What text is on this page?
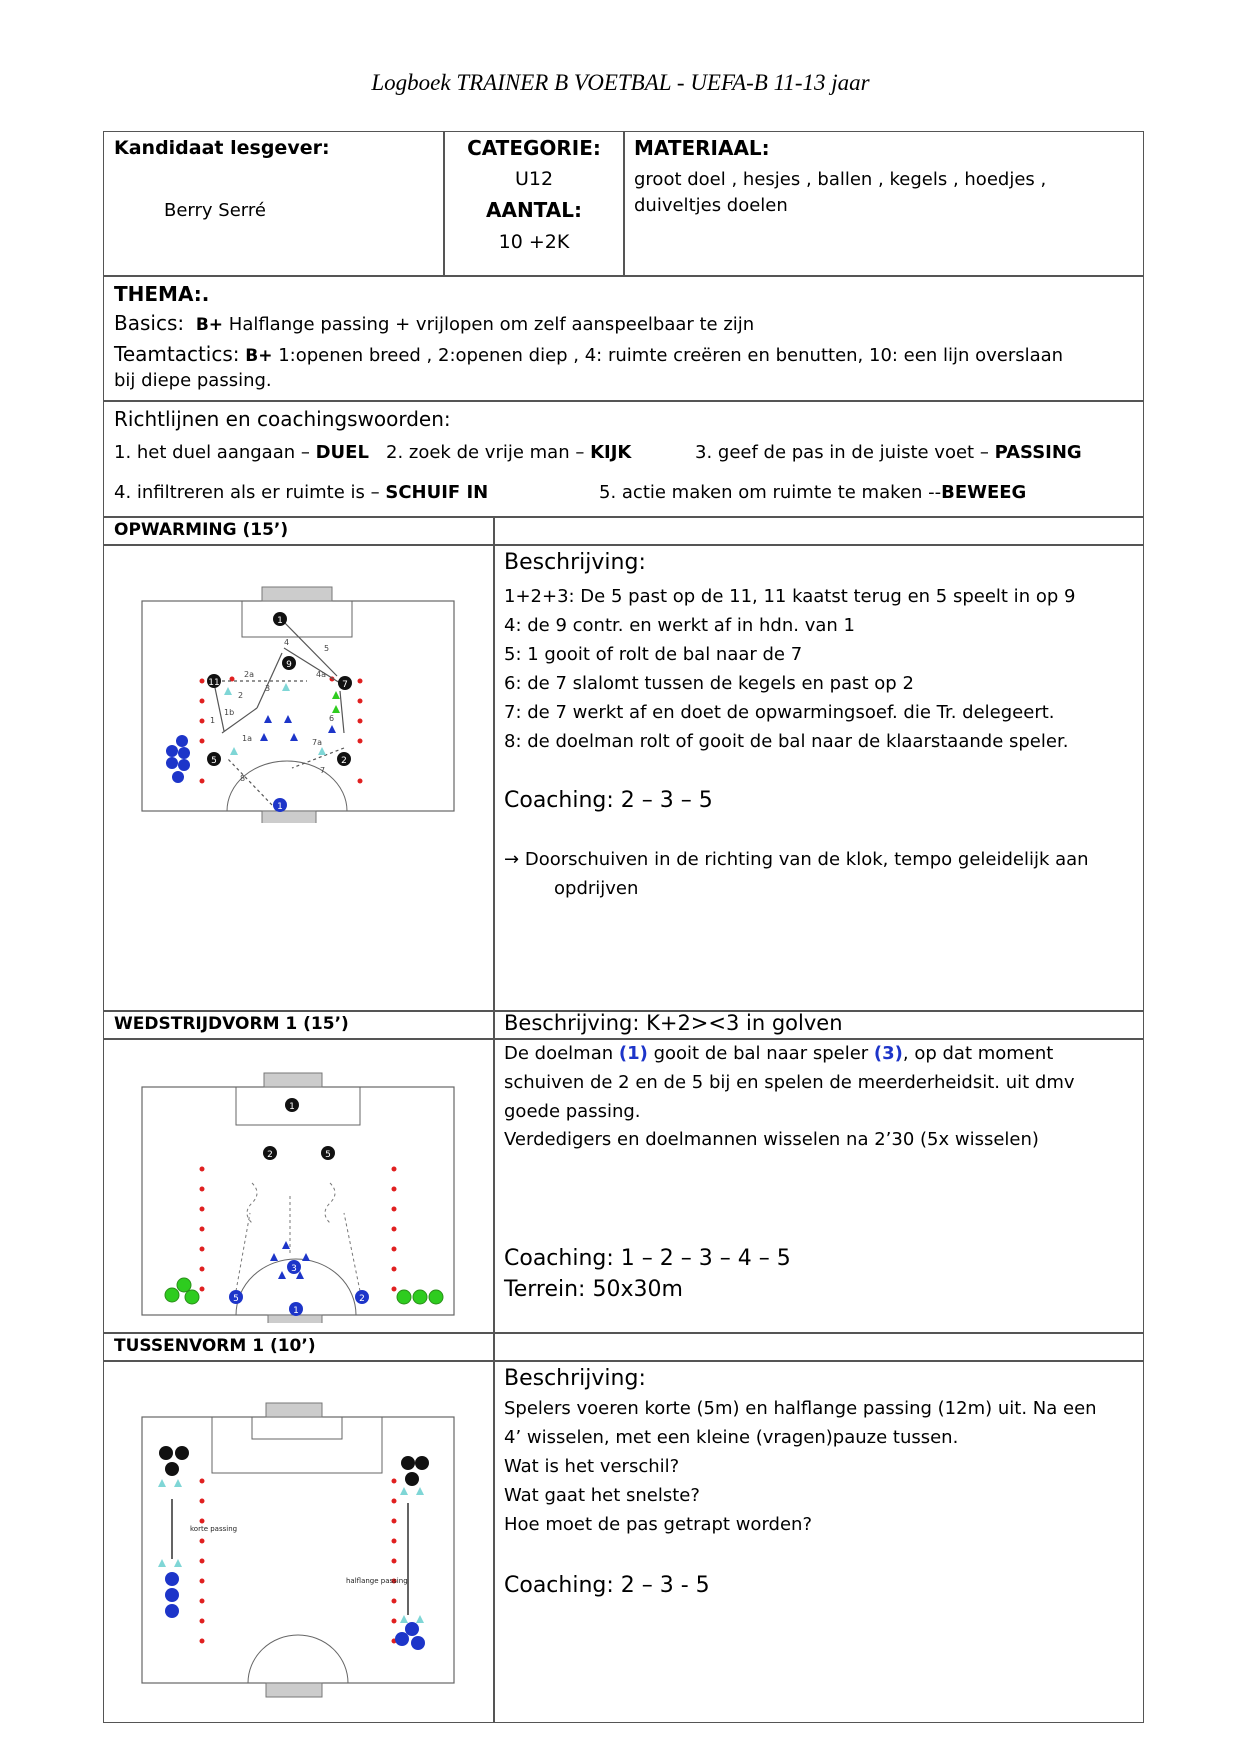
Logboek TRAINER B VOETBAL - UEFA-B 11-13 jaar
Kandidaat lesgever:
Berry Serré
CATEGORIE:
U12
AANTAL:
10 +2K
MATERIAAL:
groot doel , hesjes , ballen , kegels , hoedjes ,
duiveltjes doelen
THEMA:.
Basics: B+ Halflange passing + vrijlopen om zelf aanspeelbaar te zijn
Teamtactics: B+ 1:openen breed , 2:openen diep , 4: ruimte creëren en benutten, 10: een lijn overslaan
bij diepe passing.
Richtlijnen en coachingswoorden:
1. het duel aangaan – DUEL 2. zoek de vrije man – KIJK	3. geef de pas in de juiste voet – PASSING
4. infiltreren als er ruimte is – SCHUIF IN	5. actie maken om ruimte te maken --BEWEEG
OPWARMING (15’)
1
11
9
7
5	2
1
1
1a
1b
2
2a
3
4
4a
5
6
7
7a
8
Beschrijving:
1+2+3: De 5 past op de 11, 11 kaatst terug en 5 speelt in op 9
4: de 9 contr. en werkt af in hdn. van 1
5: 1 gooit of rolt de bal naar de 7
6: de 7 slalomt tussen de kegels en past op 2
7: de 7 werkt af en doet de opwarmingsoef. die Tr. delegeert.
8: de doelman rolt of gooit de bal naar de klaarstaande speler.
Coaching: 2 – 3 – 5
→ Doorschuiven in de richting van de klok, tempo geleidelijk aan
opdrijven
WEDSTRIJDVORM 1 (15’)	Beschrijving: K+2><3 in golven
1
2	5
3
5
1
2
De doelman (1) gooit de bal naar speler (3), op dat moment
schuiven de 2 en de 5 bij en spelen de meerderheidsit. uit dmv
goede passing.
Verdedigers en doelmannen wisselen na 2’30 (5x wisselen)
Coaching: 1 – 2 – 3 – 4 – 5
Terrein: 50x30m
TUSSENVORM 1 (10’)
korte passing
halflange passing
Beschrijving:
Spelers voeren korte (5m) en halflange passing (12m) uit. Na een
4’ wisselen, met een kleine (vragen)pauze tussen.
Wat is het verschil?
Wat gaat het snelste?
Hoe moet de pas getrapt worden?
Coaching: 2 – 3 - 5
